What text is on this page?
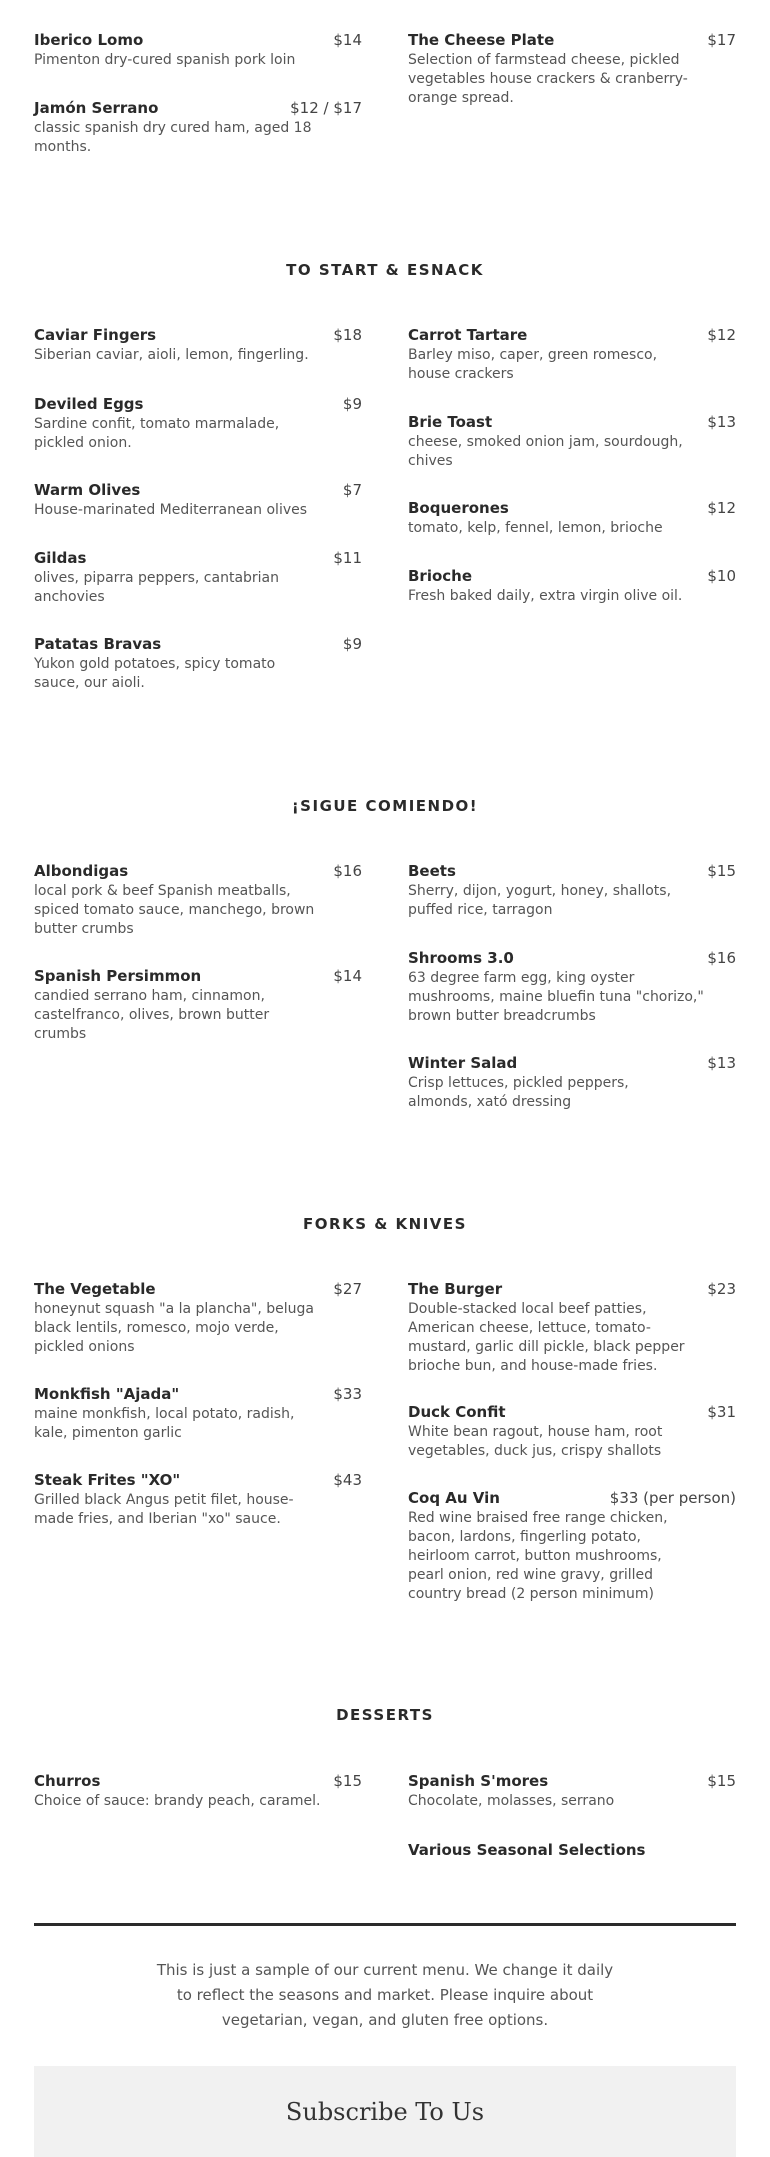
TO START & ESNACK
¡SIGUE COMIENDO!
FORKS & KNIVES
DESSERTS
Iberico Lomo	$14
Pimenton dry-cured spanish pork loin
Jamón Serrano	$12 / $17
classic spanish dry cured ham, aged 18 months.
The Cheese Plate	$17
Selection of farmstead cheese, pickled vegetables house crackers & cranberry-orange spread.
Caviar Fingers	$18
Siberian caviar, aioli, lemon, fingerling.
Deviled Eggs	$9
Sardine confit, tomato marmalade, pickled onion.
Warm Olives	$7
House-marinated Mediterranean olives
Gildas	$11
olives, piparra peppers, cantabrian anchovies
Patatas Bravas	$9
Yukon gold potatoes, spicy tomato sauce, our aioli.
Carrot Tartare	$12
Barley miso, caper, green romesco, house crackers
Brie Toast	$13
cheese, smoked onion jam, sourdough, chives
Boquerones	$12
tomato, kelp, fennel, lemon, brioche
Brioche	$10
Fresh baked daily, extra virgin olive oil.
Albondigas	$16
local pork & beef Spanish meatballs, spiced tomato sauce, manchego, brown butter crumbs
Spanish Persimmon	$14
candied serrano ham, cinnamon, castelfranco, olives, brown butter crumbs
Beets	$15
Sherry, dijon, yogurt, honey, shallots, puffed rice, tarragon
Shrooms 3.0	$16
63 degree farm egg, king oyster mushrooms, maine bluefin tuna "chorizo," brown butter breadcrumbs
Winter Salad	$13
Crisp lettuces, pickled peppers, almonds, xató dressing
The Vegetable	$27
honeynut squash "a la plancha", beluga black lentils, romesco, mojo verde, pickled onions
Monkfish "Ajada"	$33
maine monkfish, local potato, radish, kale, pimenton garlic
Steak Frites "XO"	$43
Grilled black Angus petit filet, house-made fries, and Iberian "xo" sauce.
The Burger	$23
Double-stacked local beef patties, American cheese, lettuce, tomato-mustard, garlic dill pickle, black pepper brioche bun, and house-made fries.
Duck Confit	$31
White bean ragout, house ham, root vegetables, duck jus, crispy shallots
Coq Au Vin	$33 (per person)
Red wine braised free range chicken, bacon, lardons, fingerling potato, heirloom carrot, button mushrooms, pearl onion, red wine gravy, grilled country bread (2 person minimum)
Churros	$15
Choice of sauce: brandy peach, caramel.
Spanish S'mores	$15
Chocolate, molasses, serrano
Various Seasonal Selections
This is just a sample of our current menu. We change it daily to reflect the seasons and market. Please inquire about vegetarian, vegan, and gluten free options.
Subscribe To Us
